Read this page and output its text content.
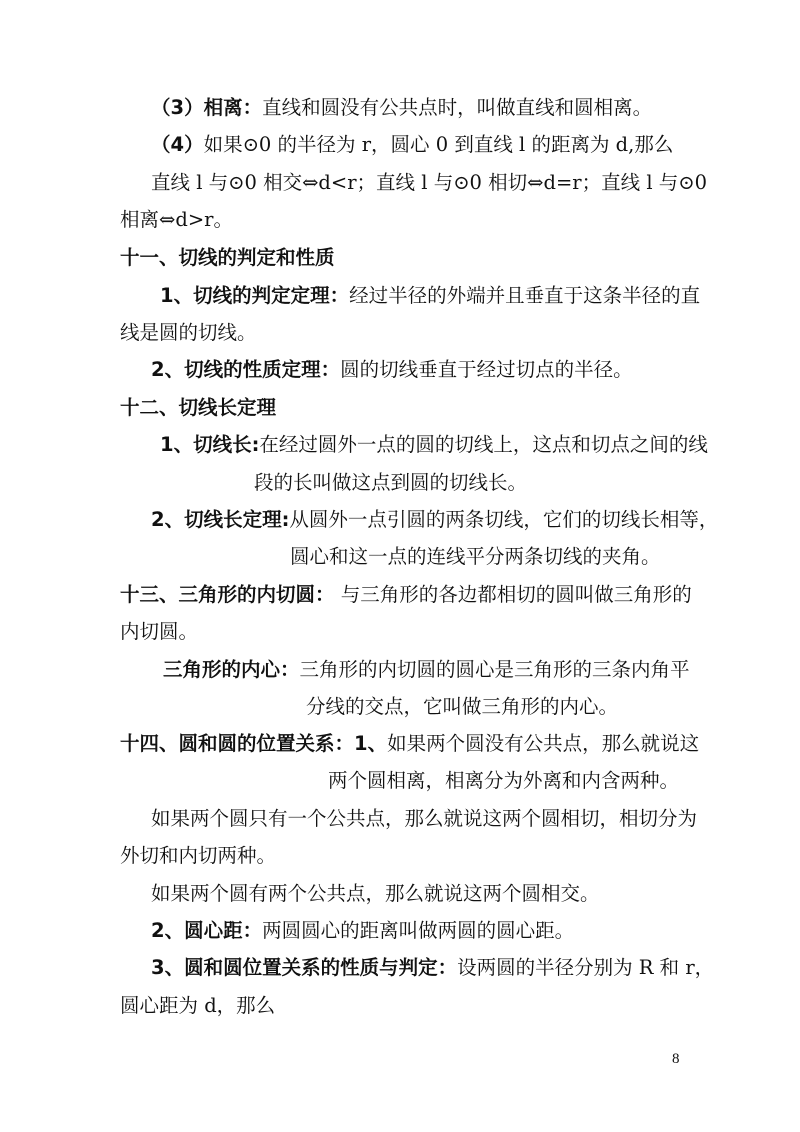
（3）相离：直线和圆没有公共点时，叫做直线和圆相离。
（4）如果⊙0 的半径为 r，圆心 0 到直线 l 的距离为 d,那么
直线 l 与⊙0 相交⇔d<r；直线 l 与⊙0 相切⇔d=r；直线 l 与⊙0
相离⇔d>r。
十一、切线的判定和性质
1、切线的判定定理：经过半径的外端并且垂直于这条半径的直
线是圆的切线。
2、切线的性质定理：圆的切线垂直于经过切点的半径。
十二、切线长定理
1、切线长:在经过圆外一点的圆的切线上，这点和切点之间的线
段的长叫做这点到圆的切线长。
2、切线长定理:从圆外一点引圆的两条切线，它们的切线长相等，
圆心和这一点的连线平分两条切线的夹角。
十三、三角形的内切圆： 与三角形的各边都相切的圆叫做三角形的
内切圆。
三角形的内心：三角形的内切圆的圆心是三角形的三条内角平
分线的交点，它叫做三角形的内心。
十四、圆和圆的位置关系：1、如果两个圆没有公共点，那么就说这
两个圆相离，相离分为外离和内含两种。
如果两个圆只有一个公共点，那么就说这两个圆相切，相切分为
外切和内切两种。
如果两个圆有两个公共点，那么就说这两个圆相交。
2、圆心距：两圆圆心的距离叫做两圆的圆心距。
3、圆和圆位置关系的性质与判定：设两圆的半径分别为 R 和 r，
圆心距为 d，那么
8
